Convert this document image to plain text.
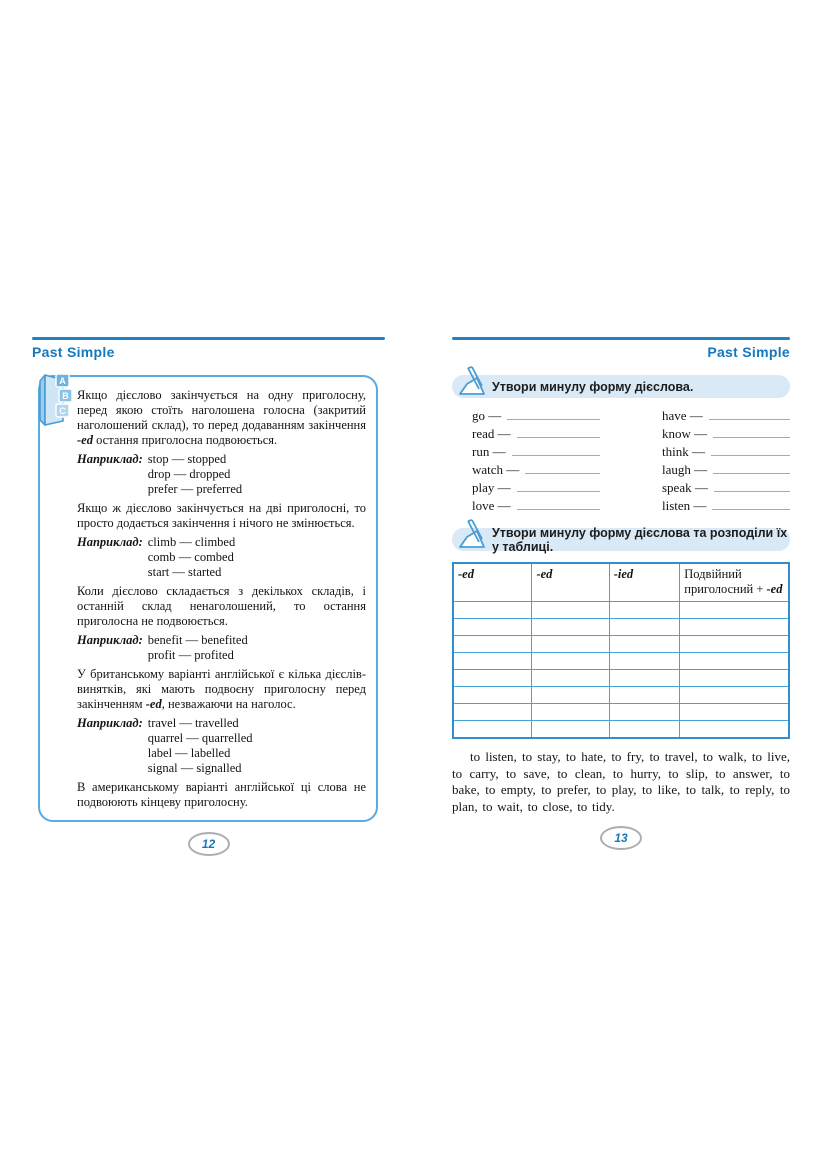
Past Simple
A
B
C

Якщо дієслово закінчується на одну приголосну, перед якою стоїть наголошена голосна (закритий наголошений склад), то перед додаванням закінчення -ed остання приголосна подвоюється.

Наприклад: stop — stopped
drop — dropped
prefer — preferred

Якщо ж дієслово закінчується на дві приголосні, то просто додається закінчення і нічого не змінюється.

Наприклад: climb — climbed
comb — combed
start — started

Коли дієслово складається з декількох складів, і останній склад ненаголошений, то остання приголосна не подвоюється.

Наприклад: benefit — benefited
profit — profited

У британському варіанті англійської є кілька дієслів-винятків, які мають подвоєну приголосну перед закінченням -ed, незважаючи на наголос.

Наприклад: travel — travelled
quarrel — quarrelled
label — labelled
signal — signalled

В американському варіанті англійської ці слова не подвоюють кінцеву приголосну.

12
Past Simple
Утвори минулу форму дієслова.
go —
read —
run —
watch —
play —
love —
have —
know —
think —
laugh —
speak —
listen —
Утвори минулу форму дієслова та розподіли їх у таблиці.
-ed	-ed	-ied	Подвійний приголосний + -ed

to listen, to stay, to hate, to fry, to travel, to walk, to live, to carry, to save, to clean, to hurry, to slip, to answer, to bake, to empty, to prefer, to play, to like, to talk, to reply, to plan, to wait, to close, to tidy.

13
